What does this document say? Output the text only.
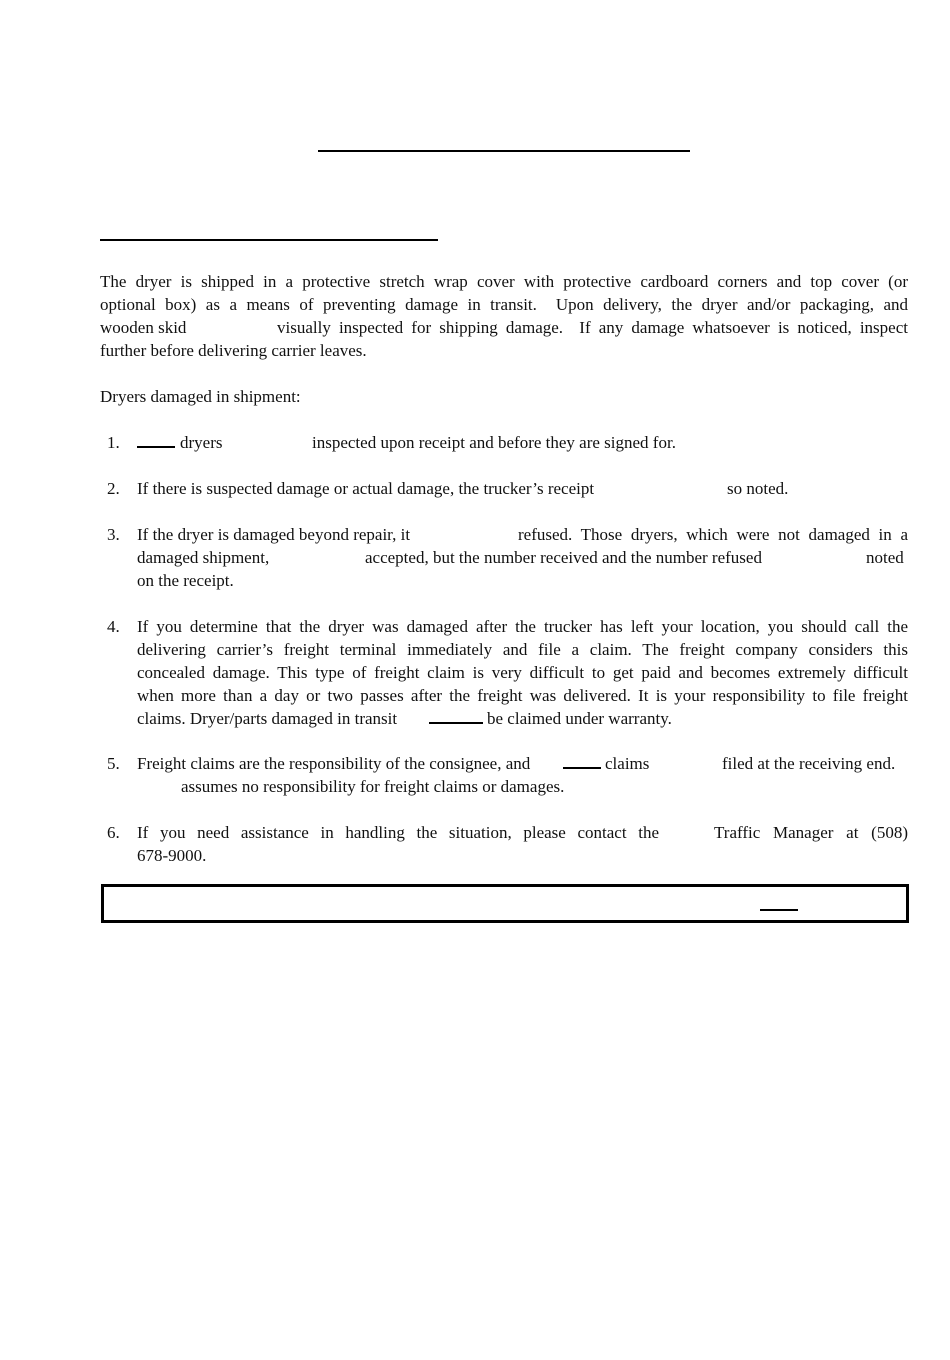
The dryer is shipped in a protective stretch wrap cover with protective cardboard corners and top cover (or
optional box) as a means of preventing damage in transit.  Upon delivery, the dryer and/or packaging, and
wooden skid	visually inspected for shipping damage.  If any damage whatsoever is noticed, inspect
further before delivering carrier leaves.
Dryers damaged in shipment:
1.	dryers	inspected upon receipt and before they are signed for.
2. If there is suspected damage or actual damage, the trucker’s receipt	so noted.
3. If the dryer is damaged beyond repair, it	refused. Those dryers, which were not damaged in a
damaged shipment,	accepted, but the number received and the number refused	noted
on the receipt.
4. If you determine that the dryer was damaged after the trucker has left your location, you should call the
delivering carrier’s freight terminal immediately and file a claim. The freight company considers this
concealed damage. This type of freight claim is very difficult to get paid and becomes extremely difficult
when more than a day or two passes after the freight was delivered. It is your responsibility to file freight
claims. Dryer/parts damaged in transit	be claimed under warranty.
5. Freight claims are the responsibility of the consignee, and	claims	filed at the receiving end.
assumes no responsibility for freight claims or damages.
6. If you need assistance in handling the situation, please contact the	Traffic Manager at (508)
678-9000.
